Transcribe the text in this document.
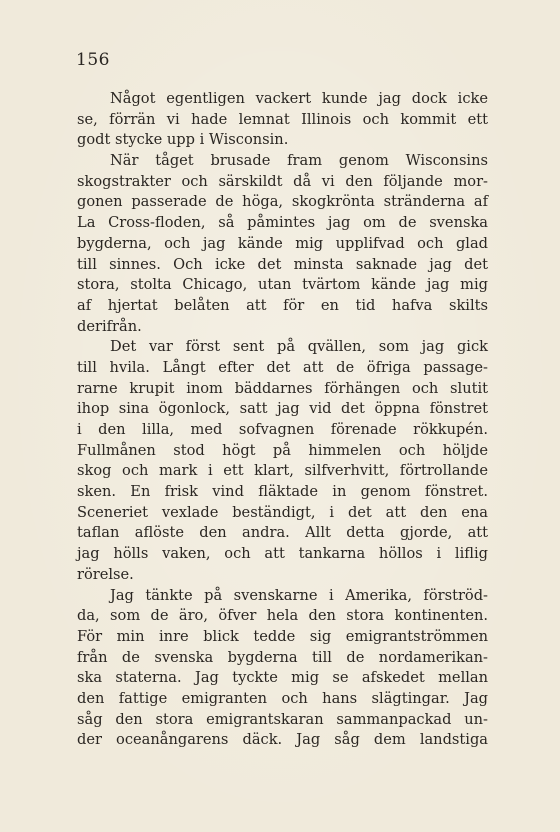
156
Något egentligen vackert kunde jag dock icke
se, förrän vi hade lemnat Illinois och kommit ett
godt stycke upp i Wisconsin.
När tåget brusade fram genom Wisconsins
skogstrakter och särskildt då vi den följande mor-
gonen passerade de höga, skogkrönta stränderna af
La Cross-floden, så påmintes jag om de svenska
bygderna, och jag kände mig upplifvad och glad
till sinnes. Och icke det minsta saknade jag det
stora, stolta Chicago, utan tvärtom kände jag mig
af hjertat belåten att för en tid hafva skilts
derifrån.
Det var först sent på qvällen, som jag gick
till hvila. Långt efter det att de öfriga passage-
rarne krupit inom bäddarnes förhängen och slutit
ihop sina ögonlock, satt jag vid det öppna fönstret
i den lilla, med sofvagnen förenade rökkupén.
Fullmånen stod högt på himmelen och höljde
skog och mark i ett klart, silfverhvitt, förtrollande
sken. En frisk vind fläktade in genom fönstret.
Sceneriet vexlade beständigt, i det att den ena
taflan aflöste den andra. Allt detta gjorde, att
jag hölls vaken, och att tankarna höllos i liflig
rörelse.
Jag tänkte på svenskarne i Amerika, förströd-
da, som de äro, öfver hela den stora kontinenten.
För min inre blick tedde sig emigrantströmmen
från de svenska bygderna till de nordamerikan-
ska staterna. Jag tyckte mig se afskedet mellan
den fattige emigranten och hans slägtingar. Jag
såg den stora emigrantskaran sammanpackad un-
der oceanångarens däck. Jag såg dem landstiga
